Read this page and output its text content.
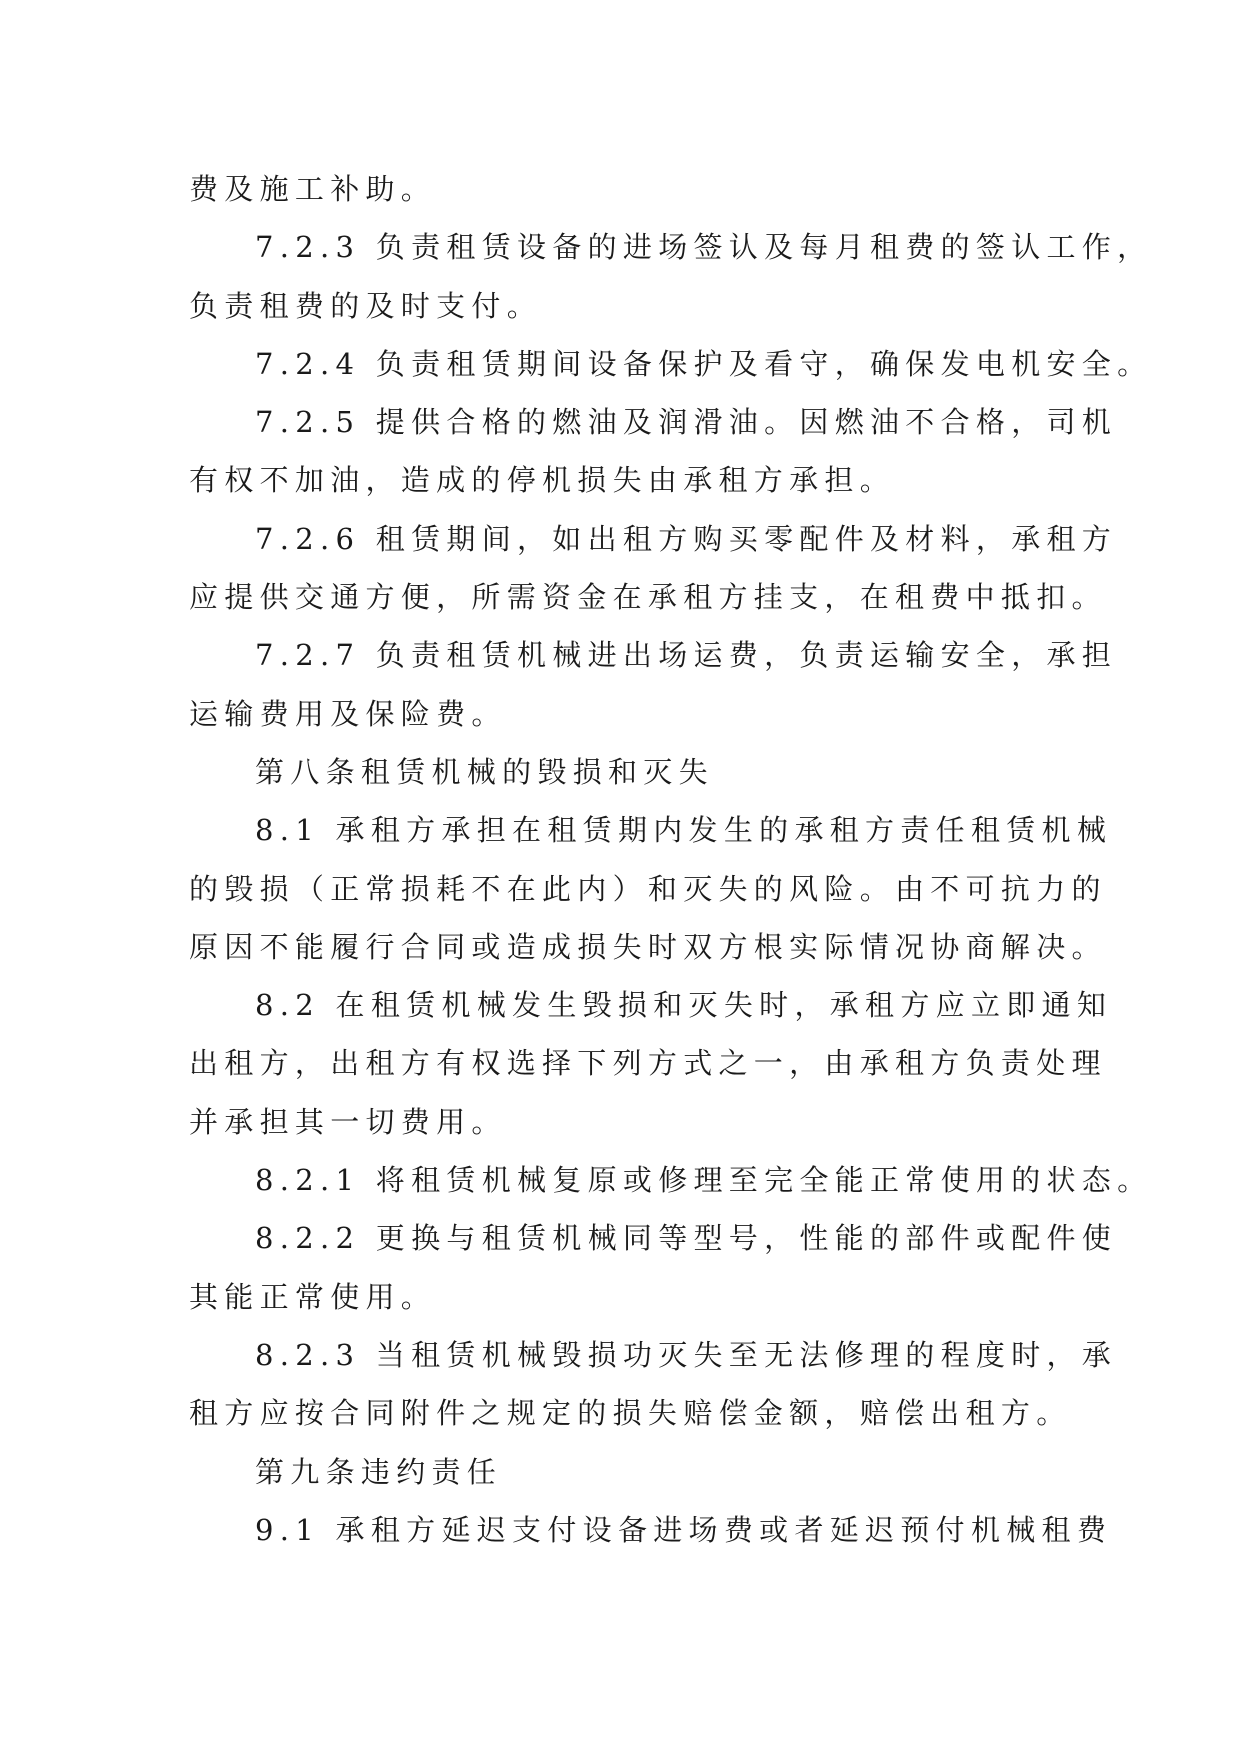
费及施工补助。
7.2.3 负责租赁设备的进场签认及每月租费的签认工作，
负责租费的及时支付。
7.2.4 负责租赁期间设备保护及看守，确保发电机安全。
7.2.5 提供合格的燃油及润滑油。因燃油不合格，司机
有权不加油，造成的停机损失由承租方承担。
7.2.6 租赁期间，如出租方购买零配件及材料，承租方
应提供交通方便，所需资金在承租方挂支，在租费中抵扣。
7.2.7 负责租赁机械进出场运费，负责运输安全，承担
运输费用及保险费。
第八条租赁机械的毁损和灭失
8.1 承租方承担在租赁期内发生的承租方责任租赁机械
的毁损（正常损耗不在此内）和灭失的风险。由不可抗力的
原因不能履行合同或造成损失时双方根实际情况协商解决。
8.2 在租赁机械发生毁损和灭失时，承租方应立即通知
出租方，出租方有权选择下列方式之一，由承租方负责处理
并承担其一切费用。
8.2.1 将租赁机械复原或修理至完全能正常使用的状态。
8.2.2 更换与租赁机械同等型号，性能的部件或配件使
其能正常使用。
8.2.3 当租赁机械毁损功灭失至无法修理的程度时，承
租方应按合同附件之规定的损失赔偿金额，赔偿出租方。
第九条违约责任
9.1 承租方延迟支付设备进场费或者延迟预付机械租费
